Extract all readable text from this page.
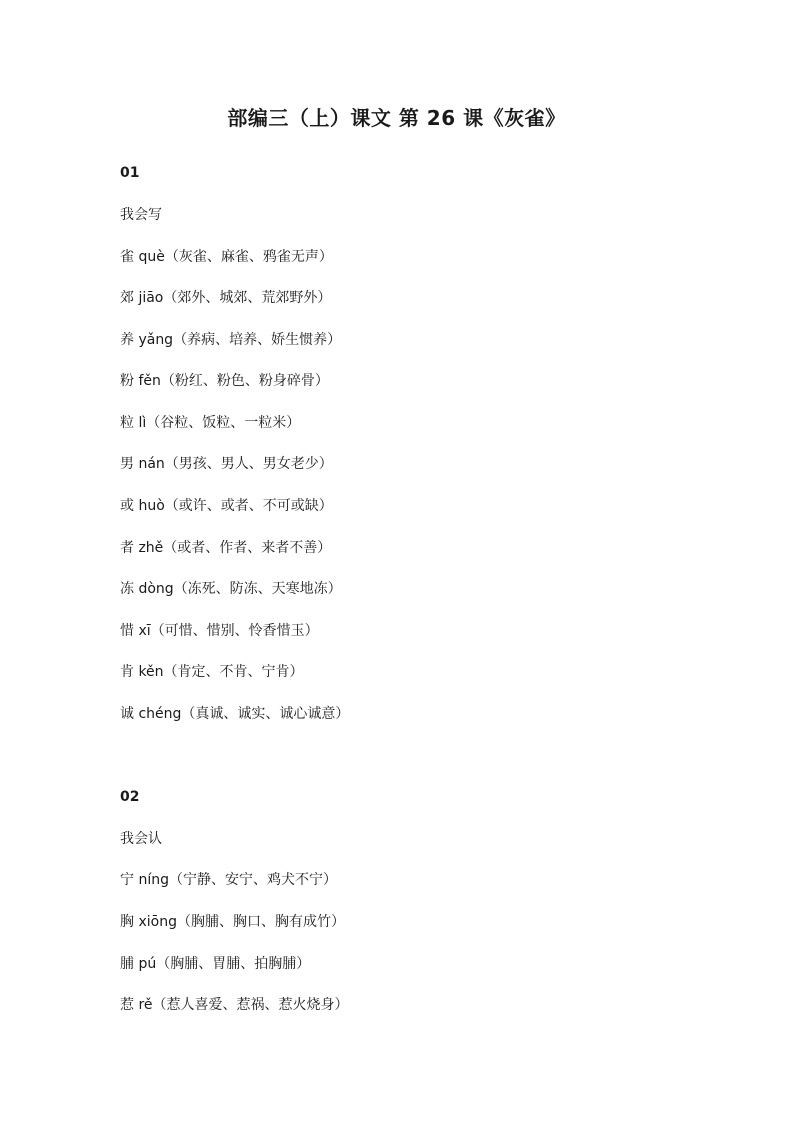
部编三（上）课文 第 26 课《灰雀》
01
我会写
雀 què（灰雀、麻雀、鸦雀无声）
郊 jiāo（郊外、城郊、荒郊野外）
养 yǎng（养病、培养、娇生惯养）
粉 fěn（粉红、粉色、粉身碎骨）
粒 lì（谷粒、饭粒、一粒米）
男 nán（男孩、男人、男女老少）
或 huò（或许、或者、不可或缺）
者 zhě（或者、作者、来者不善）
冻 dòng（冻死、防冻、天寒地冻）
惜 xī（可惜、惜别、怜香惜玉）
肯 kěn（肯定、不肯、宁肯）
诚 chéng（真诚、诚实、诚心诚意）
02
我会认
宁 níng（宁静、安宁、鸡犬不宁）
胸 xiōng（胸脯、胸口、胸有成竹）
脯 pú（胸脯、胃脯、拍胸脯）
惹 rě（惹人喜爱、惹祸、惹火烧身）
